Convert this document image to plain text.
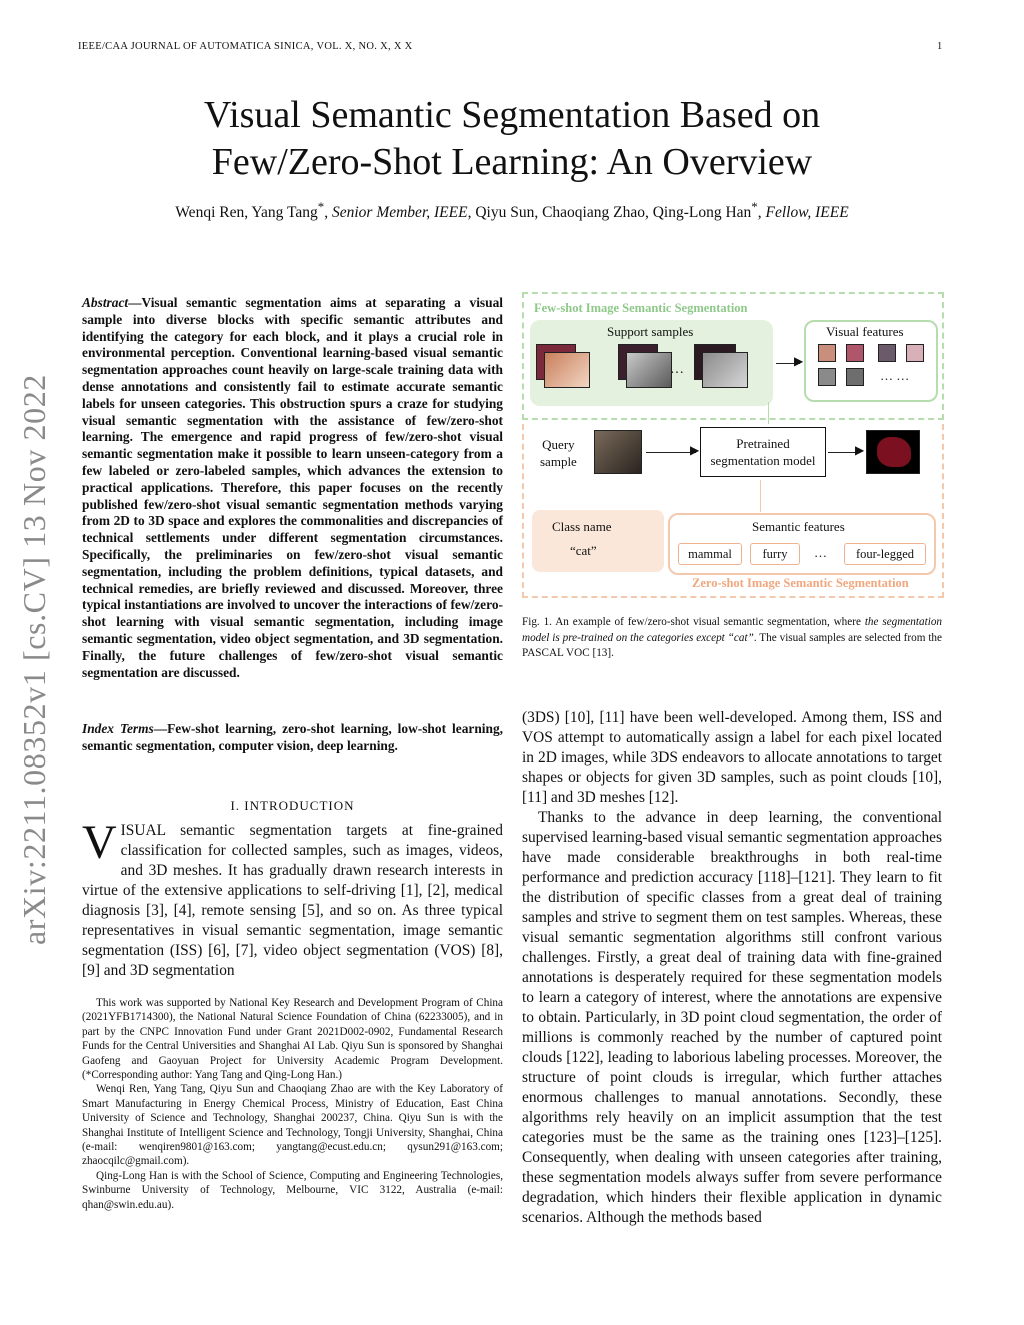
IEEE/CAA JOURNAL OF AUTOMATICA SINICA, VOL. X, NO. X, X X	1
Visual Semantic Segmentation Based on
Few/Zero-Shot Learning: An Overview
Wenqi Ren, Yang Tang*, Senior Member, IEEE, Qiyu Sun, Chaoqiang Zhao, Qing-Long Han*, Fellow, IEEE
arXiv:2211.08352v1 [cs.CV] 13 Nov 2022
Abstract—Visual semantic segmentation aims at separating a visual sample into diverse blocks with specific semantic attributes and identifying the category for each block, and it plays a crucial role in environmental perception. Conventional learning-based visual semantic segmentation approaches count heavily on large-scale training data with dense annotations and consistently fail to estimate accurate semantic labels for unseen categories. This obstruction spurs a craze for studying visual semantic segmentation with the assistance of few/zero-shot learning. The emergence and rapid progress of few/zero-shot visual semantic segmentation make it possible to learn unseen-category from a few labeled or zero-labeled samples, which advances the extension to practical applications. Therefore, this paper focuses on the recently published few/zero-shot visual semantic segmentation methods varying from 2D to 3D space and explores the commonalities and discrepancies of technical settlements under different segmentation circumstances. Specifically, the preliminaries on few/zero-shot visual semantic segmentation, including the problem definitions, typical datasets, and technical remedies, are briefly reviewed and discussed. Moreover, three typical instantiations are involved to uncover the interactions of few/zero-shot learning with visual semantic segmentation, including image semantic segmentation, video object segmentation, and 3D segmentation. Finally, the future challenges of few/zero-shot visual semantic segmentation are discussed.
Index Terms—Few-shot learning, zero-shot learning, low-shot learning, semantic segmentation, computer vision, deep learning.
I. INTRODUCTION
VISUAL semantic segmentation targets at fine-grained classification for collected samples, such as images, videos, and 3D meshes. It has gradually drawn research interests in virtue of the extensive applications to self-driving [1], [2], medical diagnosis [3], [4], remote sensing [5], and so on. As three typical representatives in visual semantic segmentation, image semantic segmentation (ISS) [6], [7], video object segmentation (VOS) [8], [9] and 3D segmentation

This work was supported by National Key Research and Development Program of China (2021YFB1714300), the National Natural Science Foundation of China (62233005), and in part by the CNPC Innovation Fund under Grant 2021D002-0902, Fundamental Research Funds for the Central Universities and Shanghai AI Lab. Qiyu Sun is sponsored by Shanghai Gaofeng and Gaoyuan Project for University Academic Program Development. (*Corresponding author: Yang Tang and Qing-Long Han.)

Wenqi Ren, Yang Tang, Qiyu Sun and Chaoqiang Zhao are with the Key Laboratory of Smart Manufacturing in Energy Chemical Process, Ministry of Education, East China University of Science and Technology, Shanghai 200237, China. Qiyu Sun is with the Shanghai Institute of Intelligent Science and Technology, Tongji University, Shanghai, China (e-mail: wenqiren9801@163.com; yangtang@ecust.edu.cn; qysun291@163.com; zhaocqilc@gmail.com).

Qing-Long Han is with the School of Science, Computing and Engineering Technologies, Swinburne University of Technology, Melbourne, VIC 3122, Australia (e-mail: qhan@swin.edu.au).

Few-shot Image Semantic Segmentation
Support samples
…
▶
Visual features
… …
Query
sample
▶	Pretrained
segmentation model
▶
Class name
“cat”
Semantic features
mammal	furry	…	four-legged
Zero-shot Image Semantic Segmentation
Fig. 1. An example of few/zero-shot visual semantic segmentation, where the segmentation model is pre-trained on the categories except “cat”. The visual samples are selected from the PASCAL VOC [13].

(3DS) [10], [11] have been well-developed. Among them, ISS and VOS attempt to automatically assign a label for each pixel located in 2D images, while 3DS endeavors to allocate annotations to target shapes or objects for given 3D samples, such as point clouds [10], [11] and 3D meshes [12].

Thanks to the advance in deep learning, the conventional supervised learning-based visual semantic segmentation approaches have made considerable breakthroughs in both real-time performance and prediction accuracy [118]–[121]. They learn to fit the distribution of specific classes from a great deal of training samples and strive to segment them on test samples. Whereas, these visual semantic segmentation algorithms still confront various challenges. Firstly, a great deal of training data with fine-grained annotations is desperately required for these segmentation models to learn a category of interest, where the annotations are expensive to obtain. Particularly, in 3D point cloud segmentation, the order of millions is commonly reached by the number of captured point clouds [122], leading to laborious labeling processes. Moreover, the structure of point clouds is irregular, which further attaches enormous challenges to manual annotations. Secondly, these algorithms rely heavily on an implicit assumption that the test categories must be the same as the training ones [123]–[125]. Consequently, when dealing with unseen categories after training, these segmentation models always suffer from severe performance degradation, which hinders their flexible application in dynamic scenarios. Although the methods based
